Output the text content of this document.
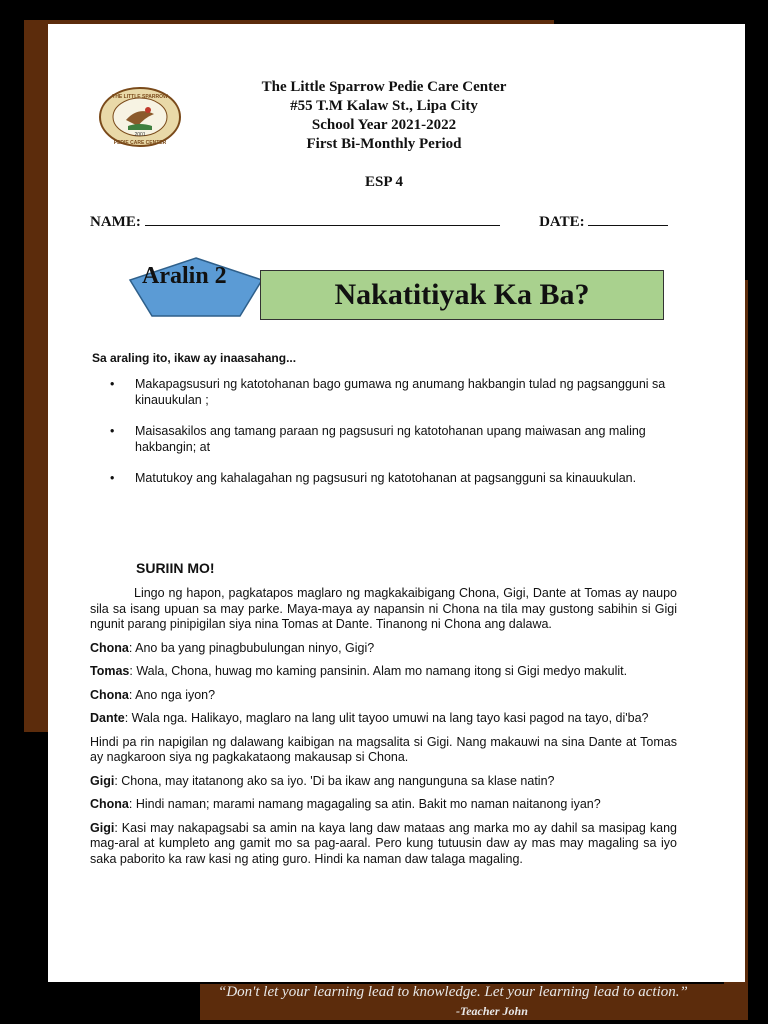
2001
THE LITTLE SPARROW
PEDIE CARE CENTER
The Little Sparrow Pedie Care Center
#55 T.M Kalaw St., Lipa City
School Year 2021-2022
First Bi-Monthly Period
ESP 4
NAME:	DATE:
Aralin 2
Nakatitiyak Ka Ba?
Sa araling ito, ikaw ay inaasahang...
• Makapagsusuri ng katotohanan bago gumawa ng anumang hakbangin tulad ng pagsangguni sa kinauukulan ;
• Maisasakilos ang tamang paraan ng pagsusuri ng katotohanan upang maiwasan ang maling hakbangin; at
• Matutukoy ang kahalagahan ng pagsusuri ng katotohanan at pagsangguni sa kinauukulan.
SURIIN MO!

Lingo ng hapon, pagkatapos maglaro ng magkakaibigang Chona, Gigi, Dante at Tomas ay naupo sila sa isang upuan sa may parke. Maya-maya ay napansin ni Chona na tila may gustong sabihin si Gigi ngunit parang pinipigilan siya nina Tomas at Dante. Tinanong ni Chona ang dalawa.

Chona: Ano ba yang pinagbubulungan ninyo, Gigi?

Tomas: Wala, Chona, huwag mo kaming pansinin. Alam mo namang itong si Gigi medyo makulit.

Chona: Ano nga iyon?

Dante: Wala nga. Halikayo, maglaro na lang ulit tayoo umuwi na lang tayo kasi pagod na tayo, di'ba?

Hindi pa rin napigilan ng dalawang kaibigan na magsalita si Gigi. Nang makauwi na sina Dante at Tomas ay nagkaroon siya ng pagkakataong makausap si Chona.

Gigi: Chona, may itatanong ako sa iyo. 'Di ba ikaw ang nangunguna sa klase natin?

Chona: Hindi naman; marami namang magagaling sa atin. Bakit mo naman naitanong iyan?

Gigi: Kasi may nakapagsabi sa amin na kaya lang daw mataas ang marka mo ay dahil sa masipag kang mag-aral at kumpleto ang gamit mo sa pag-aaral. Pero kung tutuusin daw ay mas may magaling sa iyo saka paborito ka raw kasi ng ating guro. Hindi ka naman daw talaga magaling.

“Don't let your learning lead to knowledge. Let your learning lead to action.”
-Teacher John
